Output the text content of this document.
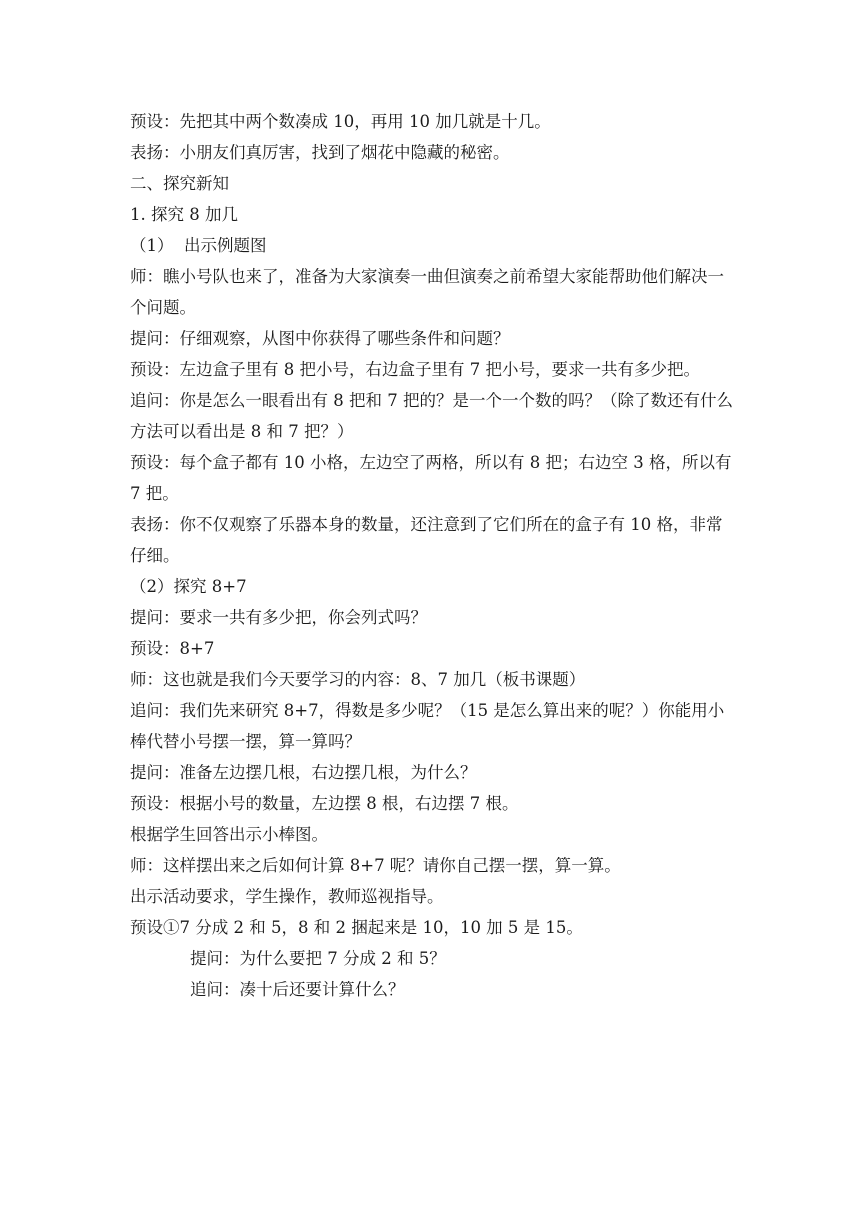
预设：先把其中两个数凑成 10，再用 10 加几就是十几。

表扬：小朋友们真厉害，找到了烟花中隐藏的秘密。

二、探究新知

1. 探究 8 加几

（1）  出示例题图

师：瞧小号队也来了，准备为大家演奏一曲但演奏之前希望大家能帮助他们解决一个问题。

提问：仔细观察，从图中你获得了哪些条件和问题？

预设：左边盒子里有 8 把小号，右边盒子里有 7 把小号，要求一共有多少把。

追问：你是怎么一眼看出有 8 把和 7 把的？是一个一个数的吗？（除了数还有什么方法可以看出是 8 和 7 把？）

预设：每个盒子都有 10 小格，左边空了两格，所以有 8 把；右边空 3 格，所以有 7 把。

表扬：你不仅观察了乐器本身的数量，还注意到了它们所在的盒子有 10 格，非常仔细。

（2）探究 8+7

提问：要求一共有多少把，你会列式吗？

预设：8+7

师：这也就是我们今天要学习的内容：8、7 加几（板书课题）

追问：我们先来研究 8+7，得数是多少呢？（15 是怎么算出来的呢？）你能用小棒代替小号摆一摆，算一算吗？

提问：准备左边摆几根，右边摆几根，为什么？

预设：根据小号的数量，左边摆 8 根，右边摆 7 根。

根据学生回答出示小棒图。

师：这样摆出来之后如何计算 8+7 呢？请你自己摆一摆，算一算。

出示活动要求，学生操作，教师巡视指导。

预设①7 分成 2 和 5，8 和 2 捆起来是 10，10 加 5 是 15。

提问：为什么要把 7 分成 2 和 5？

追问：凑十后还要计算什么？
